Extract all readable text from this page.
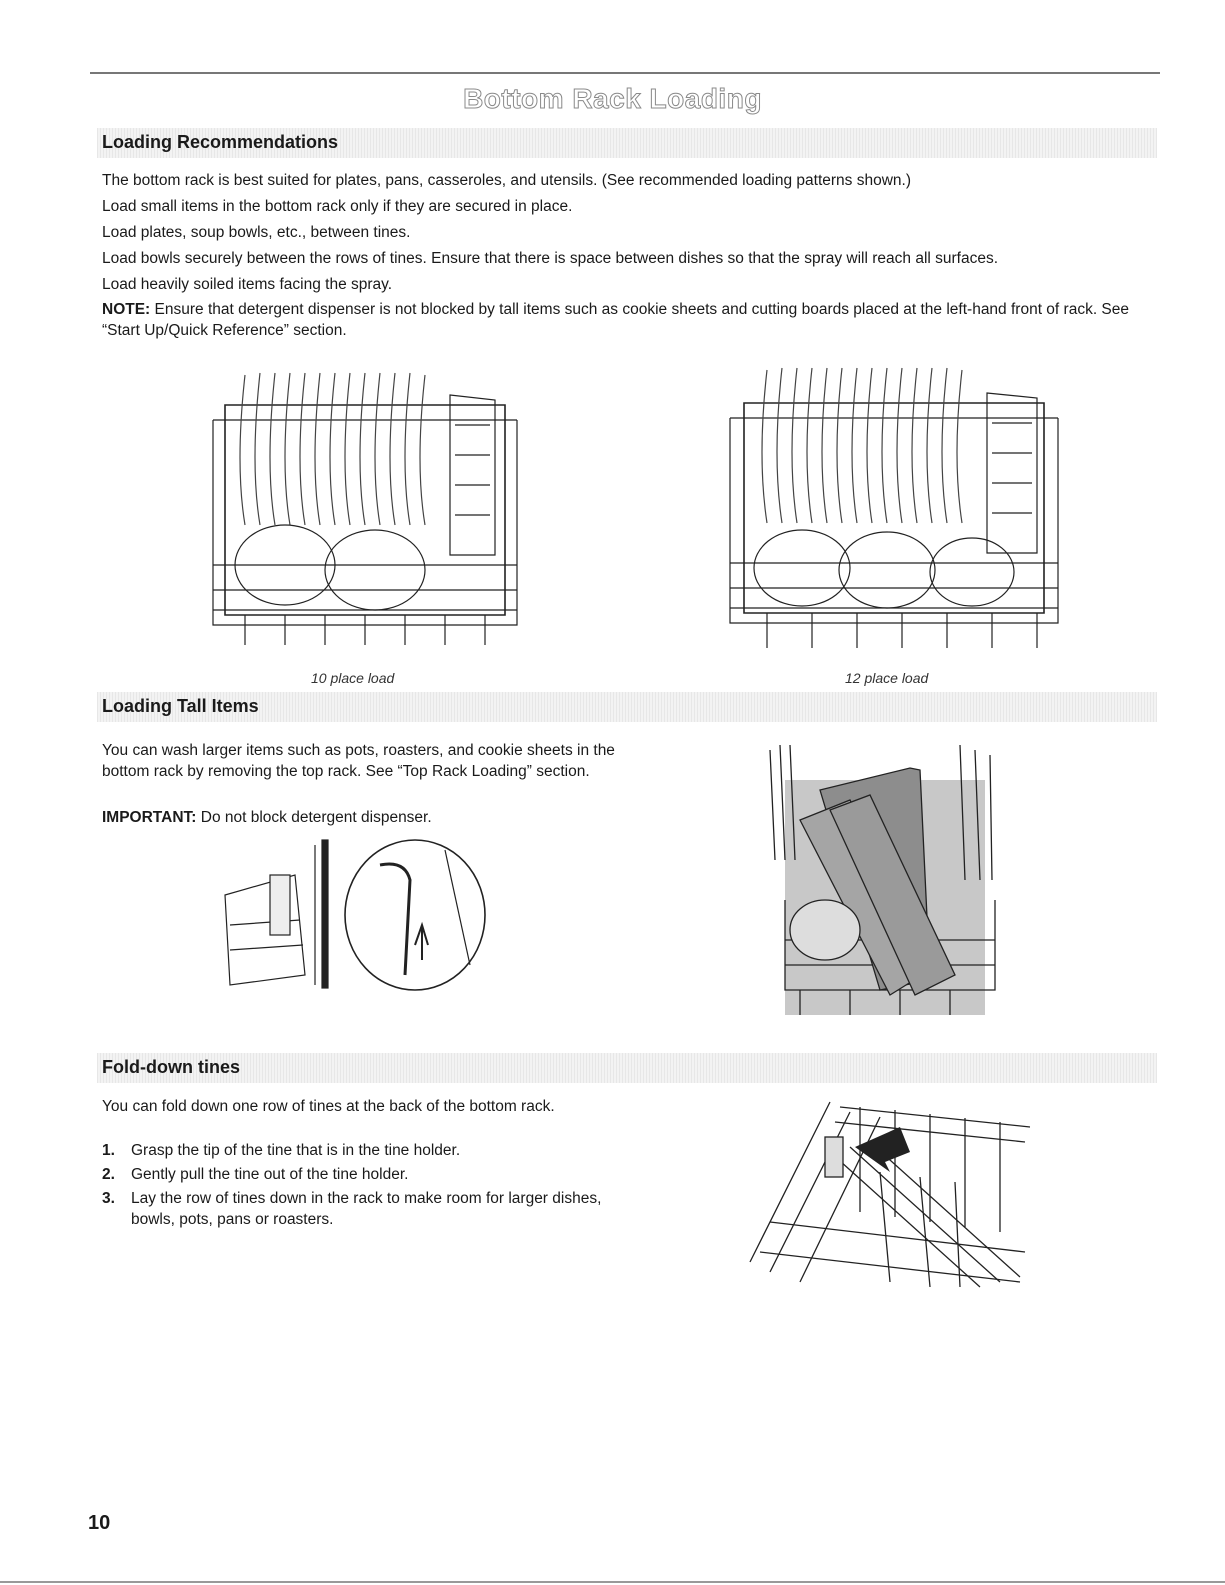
Bottom Rack Loading
Loading Recommendations

The bottom rack is best suited for plates, pans, casseroles, and utensils. (See recommended loading patterns shown.)

Load small items in the bottom rack only if they are secured in place.

Load plates, soup bowls, etc., between tines.

Load bowls securely between the rows of tines. Ensure that there is space between dishes so that the spray will reach all surfaces.

Load heavily soiled items facing the spray.

NOTE: Ensure that detergent dispenser is not blocked by tall items such as cookie sheets and cutting boards placed at the left-hand front of rack. See “Start Up/Quick Reference” section.

10 place load	12 place load
Loading Tall Items

You can wash larger items such as pots, roasters, and cookie sheets in the bottom rack by removing the top rack. See “Top Rack Loading” section.

IMPORTANT: Do not block detergent dispenser.

Fold-down tines

You can fold down one row of tines at the back of the bottom rack.

1. Grasp the tip of the tine that is in the tine holder.
2. Gently pull the tine out of the tine holder.
3. Lay the row of tines down in the rack to make room for larger dishes, bowls, pots, pans or roasters.
10
